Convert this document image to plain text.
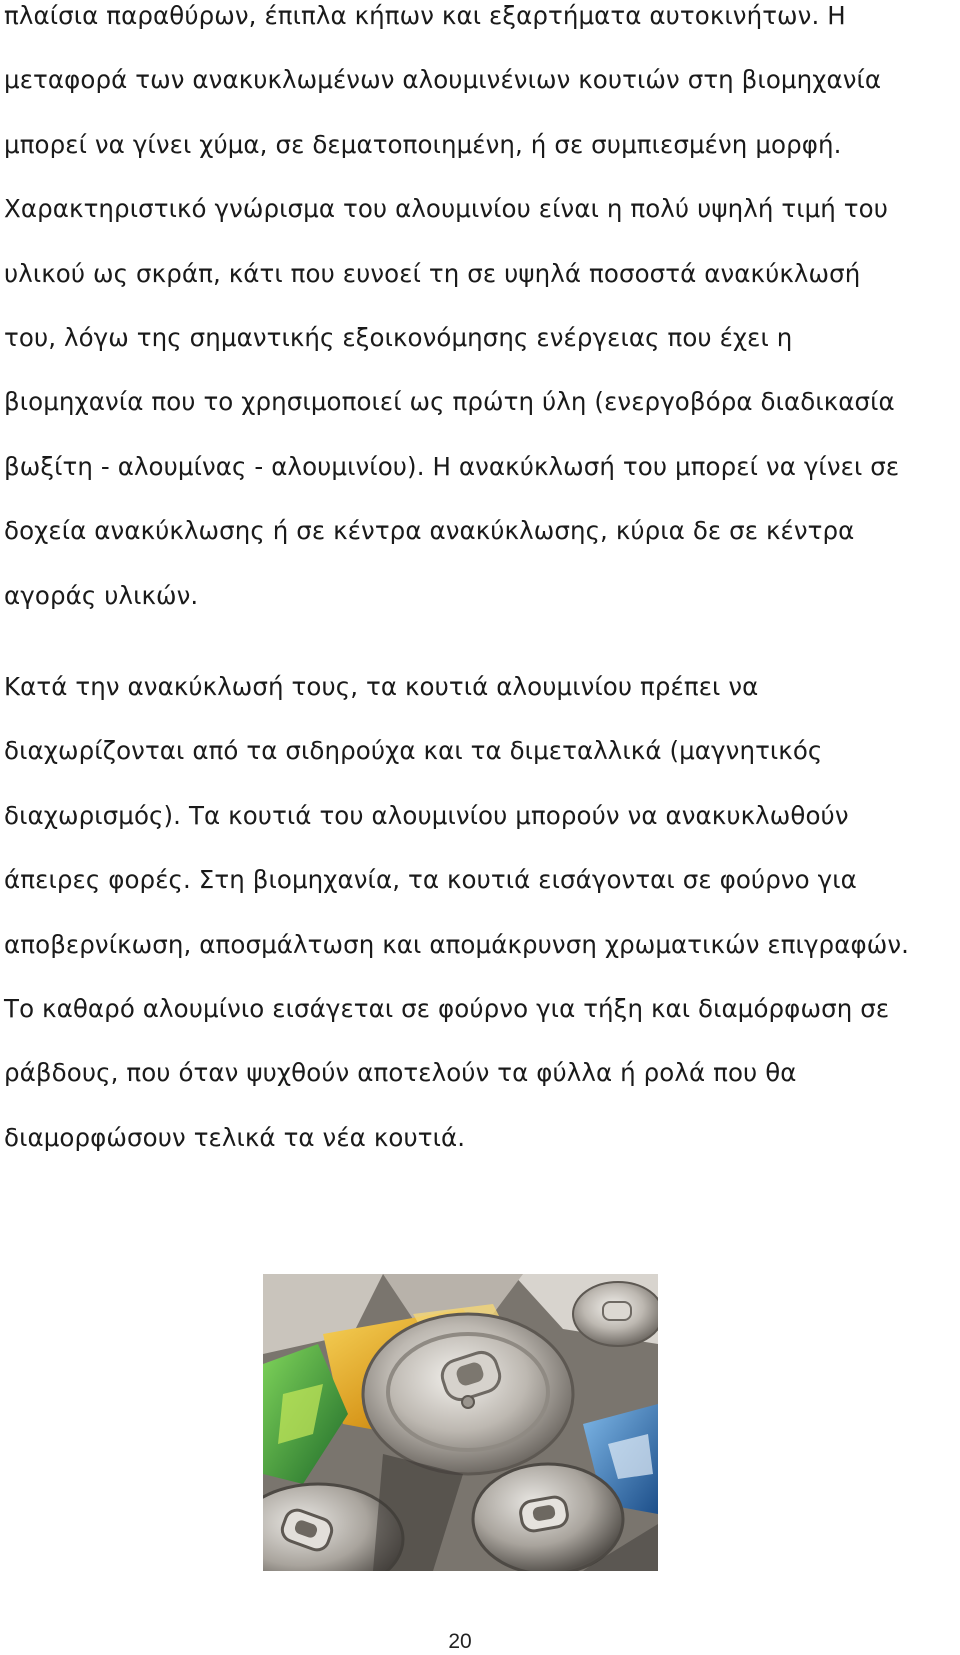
πλαίσια παραθύρων, έπιπλα κήπων και εξαρτήματα αυτοκινήτων. Η
μεταφορά των ανακυκλωμένων αλουμινένιων κουτιών στη βιομηχανία
μπορεί να γίνει χύμα, σε δεματοποιημένη, ή σε συμπιεσμένη μορφή.
Χαρακτηριστικό γνώρισμα του αλουμινίου είναι η πολύ υψηλή τιμή του
υλικού ως σκράπ, κάτι που ευνοεί τη σε υψηλά ποσοστά ανακύκλωσή
του, λόγω της σημαντικής εξοικονόμησης ενέργειας που έχει η
βιομηχανία που το χρησιμοποιεί ως πρώτη ύλη (ενεργοβόρα διαδικασία
βωξίτη - αλουμίνας - αλουμινίου). Η ανακύκλωσή του μπορεί να γίνει σε
δοχεία ανακύκλωσης ή σε κέντρα ανακύκλωσης, κύρια δε σε κέντρα
αγοράς υλικών.
Κατά την ανακύκλωσή τους, τα κουτιά αλουμινίου πρέπει να
διαχωρίζονται από τα σιδηρούχα και τα διμεταλλικά (μαγνητικός
διαχωρισμός). Τα κουτιά του αλουμινίου μπορούν να ανακυκλωθούν
άπειρες φορές. Στη βιομηχανία, τα κουτιά εισάγονται σε φούρνο για
αποβερνίκωση, αποσμάλτωση και απομάκρυνση χρωματικών επιγραφών.
Το καθαρό αλουμίνιο εισάγεται σε φούρνο για τήξη και διαμόρφωση σε
ράβδους, που όταν ψυχθούν αποτελούν τα φύλλα ή ρολά που θα
διαμορφώσουν τελικά τα νέα κουτιά.
20
